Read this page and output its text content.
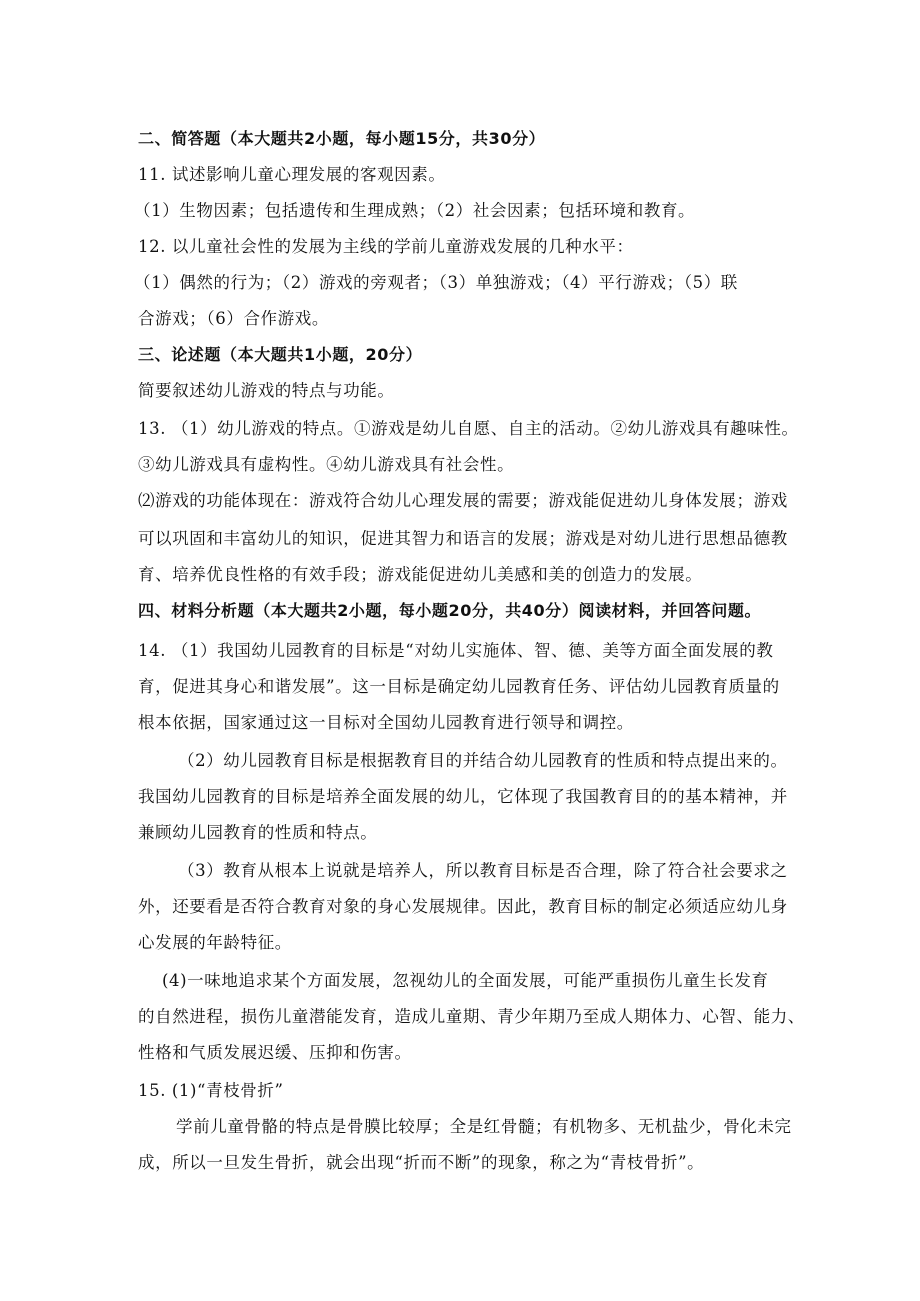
二、简答题（本大题共2小题，每小题15分，共30分）
11. 试述影响儿童心理发展的客观因素。
（1）生物因素；包括遗传和生理成熟；（2）社会因素；包括环境和教育。
12. 以儿童社会性的发展为主线的学前儿童游戏发展的几种水平：
（1）偶然的行为；（2）游戏的旁观者；（3）单独游戏；（4）平行游戏；（5）联
合游戏；（6）合作游戏。
三、论述题（本大题共1小题，20分）
简要叙述幼儿游戏的特点与功能。
13. （1）幼儿游戏的特点。①游戏是幼儿自愿、自主的活动。②幼儿游戏具有趣味性。
③幼儿游戏具有虚构性。④幼儿游戏具有社会性。
⑵游戏的功能体现在：游戏符合幼儿心理发展的需要；游戏能促进幼儿身体发展；游戏
可以巩固和丰富幼儿的知识，促进其智力和语言的发展；游戏是对幼儿进行思想品德教
育、培养优良性格的有效手段；游戏能促进幼儿美感和美的创造力的发展。
四、材料分析题（本大题共2小题，每小题20分，共40分）阅读材料，并回答问题。
14. （1）我国幼儿园教育的目标是“对幼儿实施体、智、德、美等方面全面发展的教
育，促进其身心和谐发展”。这一目标是确定幼儿园教育任务、评估幼儿园教育质量的
根本依据，国家通过这一目标对全国幼儿园教育进行领导和调控。
（2）幼儿园教育目标是根据教育目的并结合幼儿园教育的性质和特点提出来的。
我国幼儿园教育的目标是培养全面发展的幼儿，它体现了我国教育目的的基本精神，并
兼顾幼儿园教育的性质和特点。
（3）教育从根本上说就是培养人，所以教育目标是否合理，除了符合社会要求之
外，还要看是否符合教育对象的身心发展规律。因此，教育目标的制定必须适应幼儿身
心发展的年龄特征。
(4)一味地追求某个方面发展，忽视幼儿的全面发展，可能严重损伤儿童生长发育
的自然进程，损伤儿童潜能发育，造成儿童期、青少年期乃至成人期体力、心智、能力、
性格和气质发展迟缓、压抑和伤害。
15. (1)“青枝骨折”
学前儿童骨骼的特点是骨膜比较厚；全是红骨髓；有机物多、无机盐少，骨化未完
成，所以一旦发生骨折，就会出现“折而不断”的现象，称之为“青枝骨折”。
